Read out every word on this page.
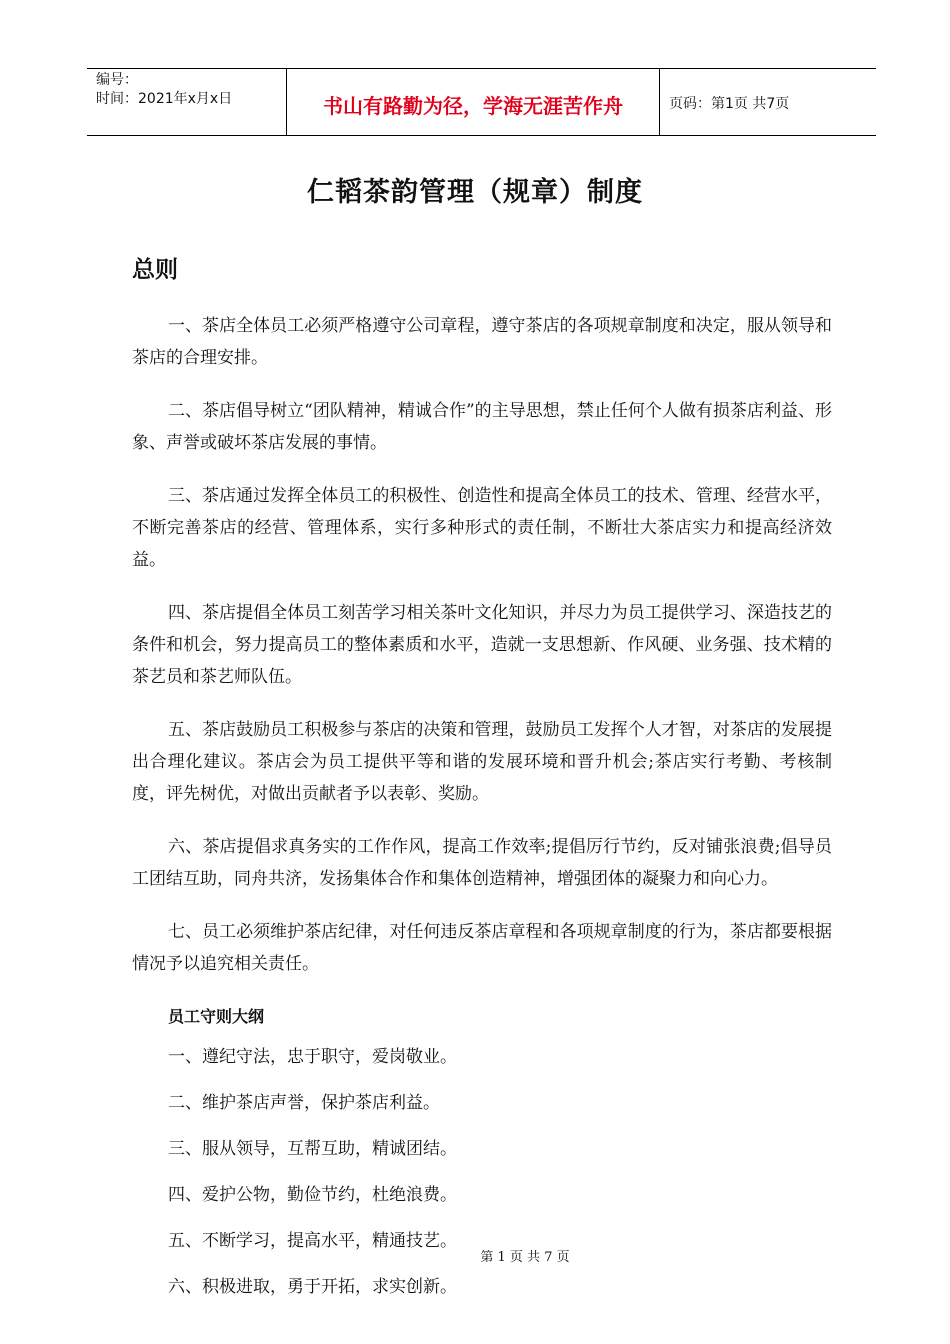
编号：
时间：2021年x月x日	书山有路勤为径，学海无涯苦作舟	页码：第1页 共7页
仁韬茶韵管理（规章）制度
总则

一、茶店全体员工必须严格遵守公司章程，遵守茶店的各项规章制度和决定，服从领导和茶店的合理安排。

二、茶店倡导树立“团队精神，精诚合作”的主导思想，禁止任何个人做有损茶店利益、形象、声誉或破坏茶店发展的事情。

三、茶店通过发挥全体员工的积极性、创造性和提高全体员工的技术、管理、经营水平，不断完善茶店的经营、管理体系，实行多种形式的责任制，不断壮大茶店实力和提高经济效益。

四、茶店提倡全体员工刻苦学习相关茶叶文化知识，并尽力为员工提供学习、深造技艺的条件和机会，努力提高员工的整体素质和水平，造就一支思想新、作风硬、业务强、技术精的茶艺员和茶艺师队伍。

五、茶店鼓励员工积极参与茶店的决策和管理，鼓励员工发挥个人才智，对茶店的发展提出合理化建议。茶店会为员工提供平等和谐的发展环境和晋升机会;茶店实行考勤、考核制度，评先树优，对做出贡献者予以表彰、奖励。

六、茶店提倡求真务实的工作作风，提高工作效率;提倡厉行节约，反对铺张浪费;倡导员工团结互助，同舟共济，发扬集体合作和集体创造精神，增强团体的凝聚力和向心力。

七、员工必须维护茶店纪律，对任何违反茶店章程和各项规章制度的行为，茶店都要根据情况予以追究相关责任。

员工守则大纲
一、遵纪守法，忠于职守，爱岗敬业。
二、维护茶店声誉，保护茶店利益。
三、服从领导，互帮互助，精诚团结。
四、爱护公物，勤俭节约，杜绝浪费。
五、不断学习，提高水平，精通技艺。
六、积极进取，勇于开拓，求实创新。
第 1 页 共 7 页
